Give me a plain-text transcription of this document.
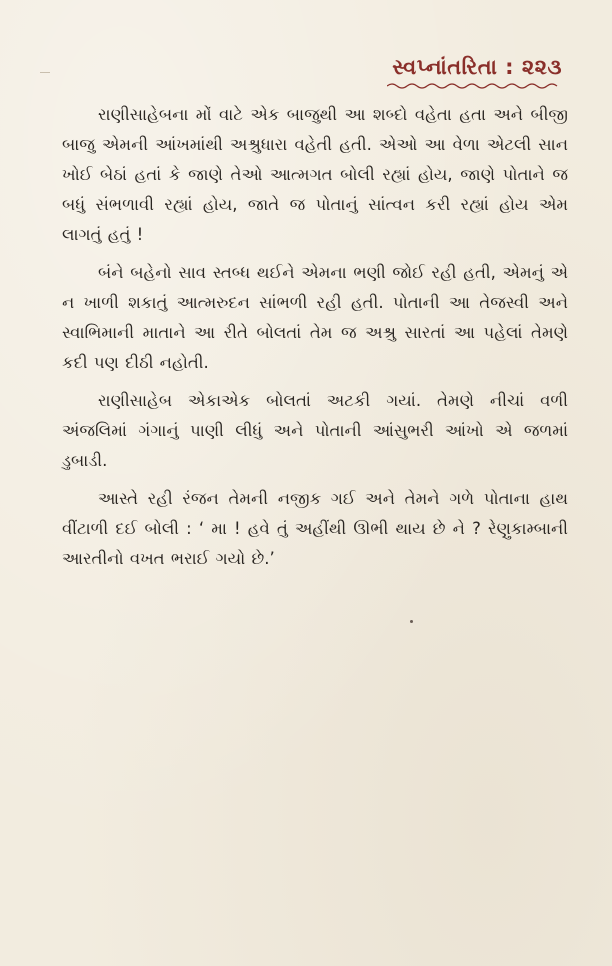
સ્વપ્નાંતરિતા : ૨૨૩

રાણીસાહેબના મોં વાટે એક બાજુથી આ શબ્દો વહેતા હતા અને બીજી બાજુ એમની આંખમાંથી અશ્રુધારા વહેતી હતી. એઓ આ વેળા એટલી સાન ખોઈ બેઠાં હતાં કે જાણે તેઓ આત્મગત બોલી રહ્યાં હોય, જાણે પોતાને જ બધું સંભળાવી રહ્યાં હોય, જાતે જ પોતાનું સાંત્વન કરી રહ્યાં હોય એમ લાગતું હતું !

બંને બહેનો સાવ સ્તબ્ધ થઈને એમના ભણી જોઈ રહી હતી, એમનું એ ન ખાળી શકાતું આત્મરુદન સાંભળી રહી હતી. પોતાની આ તેજસ્વી અને સ્વાભિમાની માતાને આ રીતે બોલતાં તેમ જ અશ્રુ સારતાં આ પહેલાં તેમણે કદી પણ દીઠી નહોતી.

રાણીસાહેબ એકાએક બોલતાં અટકી ગયાં. તેમણે નીચાં વળી અંજલિમાં ગંગાનું પાણી લીધું અને પોતાની આંસુભરી આંખો એ જળમાં ડુબાડી.

આસ્તે રહી રંજન તેમની નજીક ગઈ અને તેમને ગળે પોતાના હાથ વીંટાળી દઈ બોલી : ‘ મા ! હવે તું અહીંથી ઊભી થાય છે ને ? રેણુકામ્બાની આરતીનો વખત ભરાઈ ગયો છે.’
